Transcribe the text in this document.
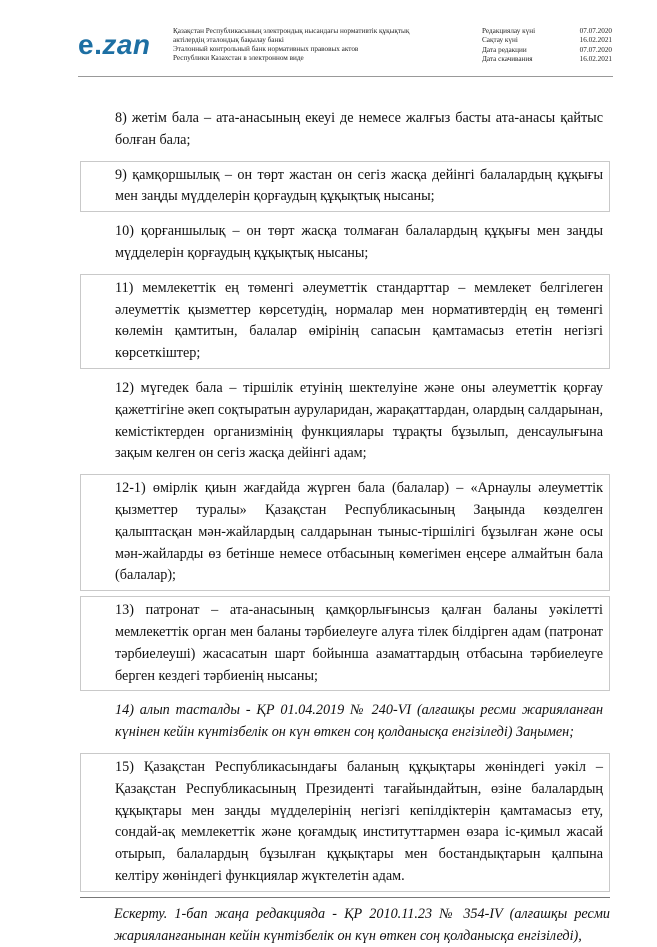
e.zan	Қазақстан Республикасының электрондық нысандағы нормативтік құқықтық
актілердің эталондық бақылау банкі
Эталонный контрольный банк нормативных правовых актов
Республики Казахстан в электронном виде
Редакциялау күні	07.07.2020
Сақтау күні	16.02.2021
Дата редакции	07.07.2020
Дата скачивания	16.02.2021

8) жетім бала – ата-анасының екеуі де немесе жалғыз басты ата-анасы қайтыс болған бала;

9) қамқоршылық – он төрт жастан он сегіз жасқа дейінгі балалардың құқығы мен заңды мүдделерін қорғаудың құқықтық нысаны;

10) қорғаншылық – он төрт жасқа толмаған балалардың құқығы мен заңды мүдделерін қорғаудың құқықтық нысаны;

11) мемлекеттік ең төменгі әлеуметтік стандарттар – мемлекет белгілеген әлеуметтік қызметтер көрсетудің, нормалар мен нормативтердің ең төменгі көлемін қамтитын, балалар өмірінің сапасын қамтамасыз ететін негізгі көрсеткіштер;

12) мүгедек бала – тіршілік етуінің шектелуіне және оны әлеуметтік қорғау қажеттігіне әкеп соқтыратын ауруларидан, жарақаттардан, олардың салдарынан, кемістіктерден организмінің функциялары тұрақты бұзылып, денсаулығына зақым келген он сегіз жасқа дейінгі адам;

12-1) өмірлік қиын жағдайда жүрген бала (балалар) – «Арнаулы әлеуметтік қызметтер туралы» Қазақстан Республикасының Заңында көзделген қалыптасқан мән-жайлардың салдарынан тыныс-тіршілігі бұзылған және осы мән-жайларды өз бетінше немесе отбасының көмегімен еңсере алмайтын бала (балалар);

13) патронат – ата-анасының қамқорлығынсыз қалған баланы уәкілетті мемлекеттік орган мен баланы тәрбиелеуге алуға тілек білдірген адам (патронат тәрбиелеуші) жасасатын шарт бойынша азаматтардың отбасына тәрбиелеуге берген кездегі тәрбиенің нысаны;

14) алып тасталды - ҚР 01.04.2019 № 240-VI (алғашқы ресми жарияланған күнінен кейін күнтізбелік он күн өткен соң қолданысқа енгізіледі) Заңымен;

15) Қазақстан Республикасындағы баланың құқықтары жөніндегі уәкіл – Қазақстан Республикасының Президенті тағайындайтын, өзіне балалардың құқықтары мен заңды мүдделерінің негізгі кепілдіктерін қамтамасыз ету, сондай-ақ мемлекеттік және қоғамдық институттармен өзара іс-қимыл жасай отырып, балалардың бұзылған құқықтары мен бостандықтарын қалпына келтіру жөніндегі функциялар жүктелетін адам.

Ескерту. 1-бап жаңа редакцияда - ҚР 2010.11.23 № 354-IV (алғашқы ресми жарияланғанынан кейін күнтізбелік он күн өткен соң қолданысқа енгізіледі),
